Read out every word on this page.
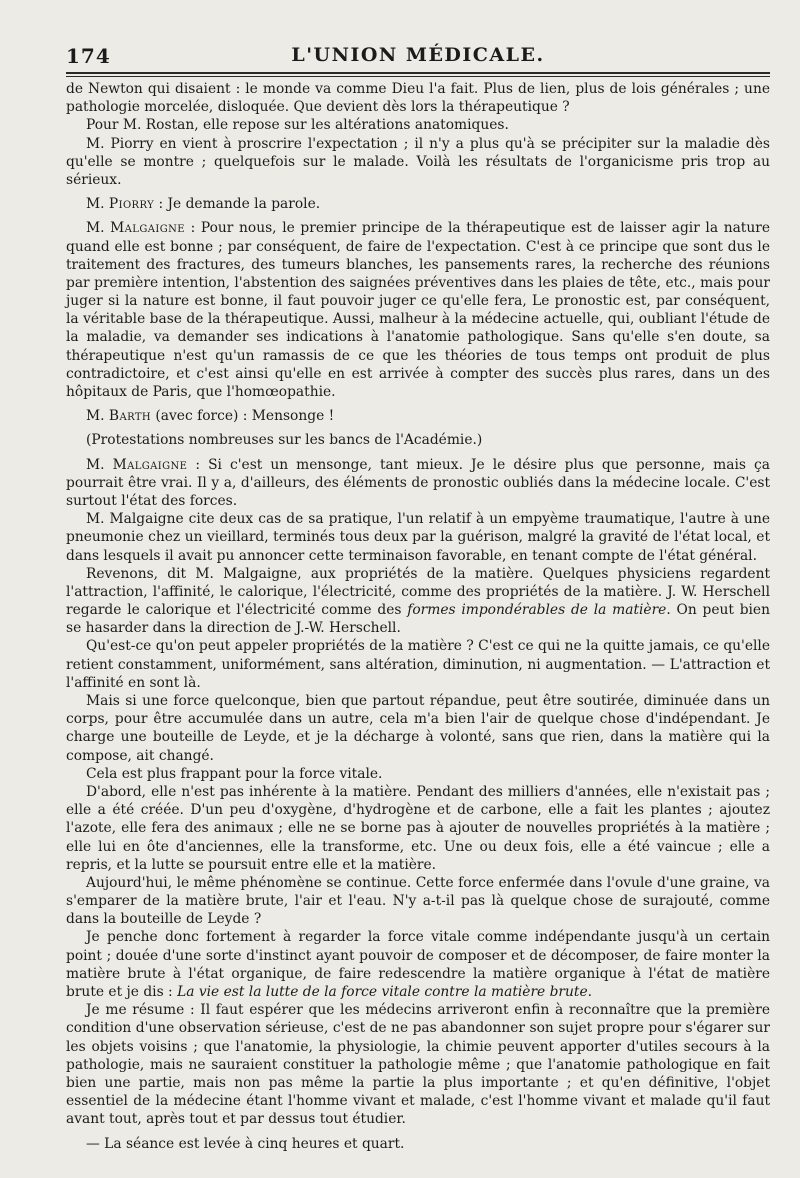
174	L'UNION MÉDICALE.

de Newton qui disaient : le monde va comme Dieu l'a fait. Plus de lien, plus de lois générales ; une pathologie morcelée, disloquée. Que devient dès lors la thérapeutique ?

Pour M. Rostan, elle repose sur les altérations anatomiques.

M. Piorry en vient à proscrire l'expectation ; il n'y a plus qu'à se précipiter sur la maladie dès qu'elle se montre ; quelquefois sur le malade. Voilà les résultats de l'organicisme pris trop au sérieux.

M. Piorry : Je demande la parole.

M. Malgaigne : Pour nous, le premier principe de la thérapeutique est de laisser agir la nature quand elle est bonne ; par conséquent, de faire de l'expectation. C'est à ce principe que sont dus le traitement des fractures, des tumeurs blanches, les pansements rares, la recherche des réunions par première intention, l'abstention des saignées préventives dans les plaies de tête, etc., mais pour juger si la nature est bonne, il faut pouvoir juger ce qu'elle fera, Le pronostic est, par conséquent, la véritable base de la thérapeutique. Aussi, malheur à la médecine actuelle, qui, oubliant l'étude de la maladie, va demander ses indications à l'anatomie pathologique. Sans qu'elle s'en doute, sa thérapeutique n'est qu'un ramassis de ce que les théories de tous temps ont produit de plus contradictoire, et c'est ainsi qu'elle en est arrivée à compter des succès plus rares, dans un des hôpitaux de Paris, que l'homœopathie.

M. Barth (avec force) : Mensonge !

(Protestations nombreuses sur les bancs de l'Académie.)

M. Malgaigne : Si c'est un mensonge, tant mieux. Je le désire plus que personne, mais ça pourrait être vrai. Il y a, d'ailleurs, des éléments de pronostic oubliés dans la médecine locale. C'est surtout l'état des forces.

M. Malgaigne cite deux cas de sa pratique, l'un relatif à un empyème traumatique, l'autre à une pneumonie chez un vieillard, terminés tous deux par la guérison, malgré la gravité de l'état local, et dans lesquels il avait pu annoncer cette terminaison favorable, en tenant compte de l'état général.

Revenons, dit M. Malgaigne, aux propriétés de la matière. Quelques physiciens regardent l'attraction, l'affinité, le calorique, l'électricité, comme des propriétés de la matière. J. W. Herschell regarde le calorique et l'électricité comme des formes impondérables de la matière. On peut bien se hasarder dans la direction de J.-W. Herschell.

Qu'est-ce qu'on peut appeler propriétés de la matière ? C'est ce qui ne la quitte jamais, ce qu'elle retient constamment, uniformément, sans altération, diminution, ni augmentation. — L'attraction et l'affinité en sont là.

Mais si une force quelconque, bien que partout répandue, peut être soutirée, diminuée dans un corps, pour être accumulée dans un autre, cela m'a bien l'air de quelque chose d'indépendant. Je charge une bouteille de Leyde, et je la décharge à volonté, sans que rien, dans la matière qui la compose, ait changé.

Cela est plus frappant pour la force vitale.

D'abord, elle n'est pas inhérente à la matière. Pendant des milliers d'années, elle n'existait pas ; elle a été créée. D'un peu d'oxygène, d'hydrogène et de carbone, elle a fait les plantes ; ajoutez l'azote, elle fera des animaux ; elle ne se borne pas à ajouter de nouvelles propriétés à la matière ; elle lui en ôte d'anciennes, elle la transforme, etc. Une ou deux fois, elle a été vaincue ; elle a repris, et la lutte se poursuit entre elle et la matière.

Aujourd'hui, le même phénomène se continue. Cette force enfermée dans l'ovule d'une graine, va s'emparer de la matière brute, l'air et l'eau. N'y a-t-il pas là quelque chose de surajouté, comme dans la bouteille de Leyde ?

Je penche donc fortement à regarder la force vitale comme indépendante jusqu'à un certain point ; douée d'une sorte d'instinct ayant pouvoir de composer et de décomposer, de faire monter la matière brute à l'état organique, de faire redescendre la matière organique à l'état de matière brute et je dis : La vie est la lutte de la force vitale contre la matière brute.

Je me résume : Il faut espérer que les médecins arriveront enfin à reconnaître que la première condition d'une observation sérieuse, c'est de ne pas abandonner son sujet propre pour s'égarer sur les objets voisins ; que l'anatomie, la physiologie, la chimie peuvent apporter d'utiles secours à la pathologie, mais ne sauraient constituer la pathologie même ; que l'anatomie pathologique en fait bien une partie, mais non pas même la partie la plus importante ; et qu'en définitive, l'objet essentiel de la médecine étant l'homme vivant et malade, c'est l'homme vivant et malade qu'il faut avant tout, après tout et par dessus tout étudier.

— La séance est levée à cinq heures et quart.
